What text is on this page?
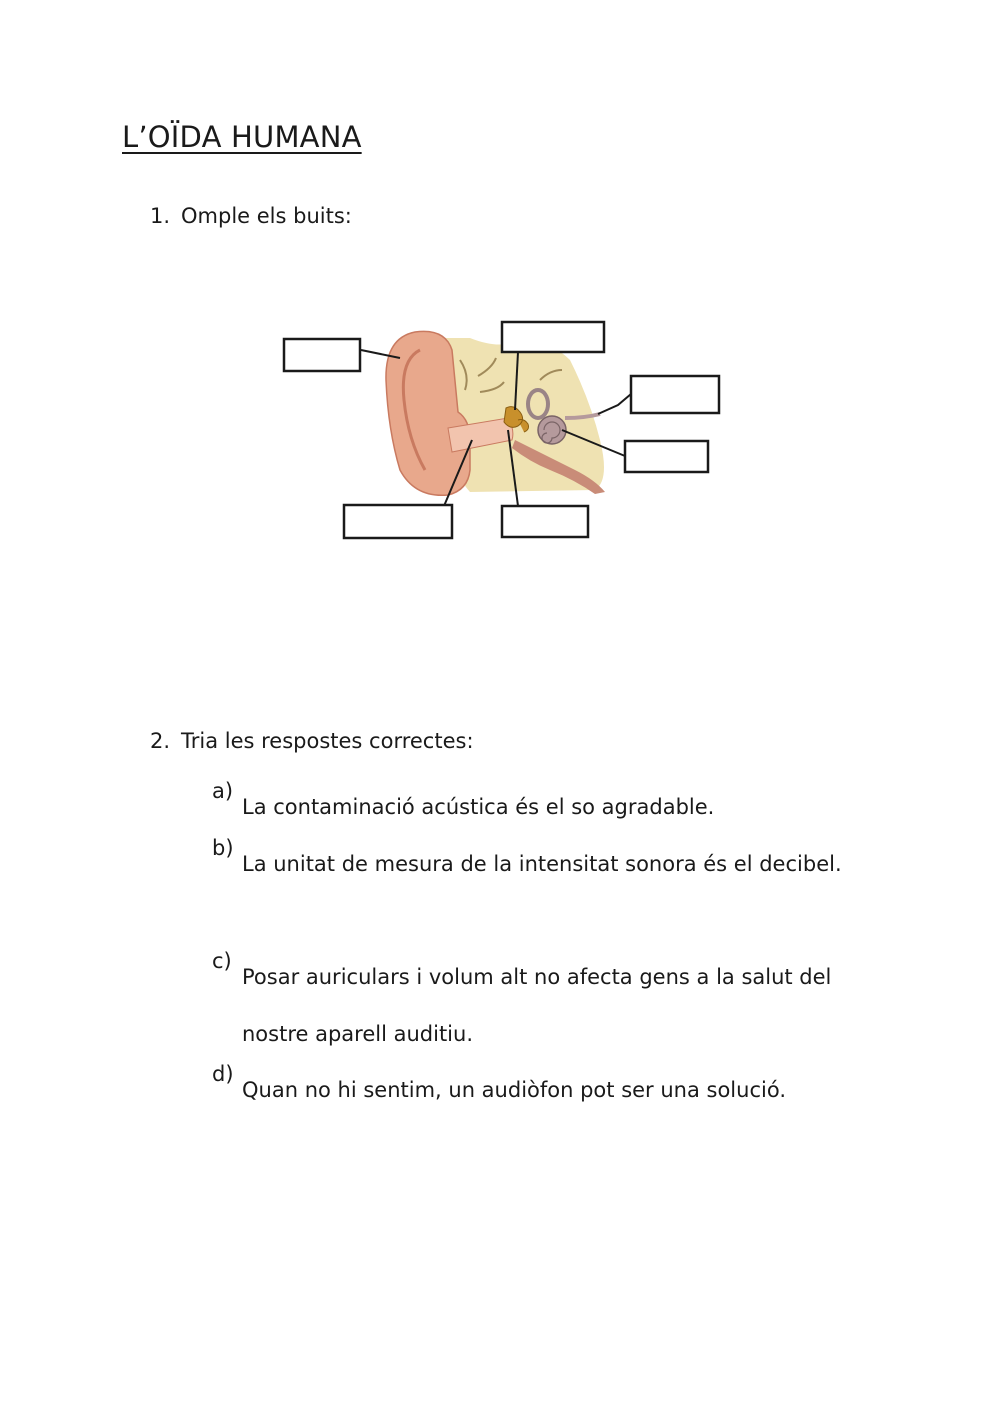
L’OÏDA HUMANA
1. Omple els buits:
2. Tria les respostes correctes:
a)
La contaminació acústica és el so agradable.
b)
La unitat de mesura de la intensitat sonora és el decibel.
c)
Posar auriculars i volum alt no afecta gens a la salut del nostre aparell auditiu.
d)
Quan no hi sentim, un audiòfon pot ser una solució.
